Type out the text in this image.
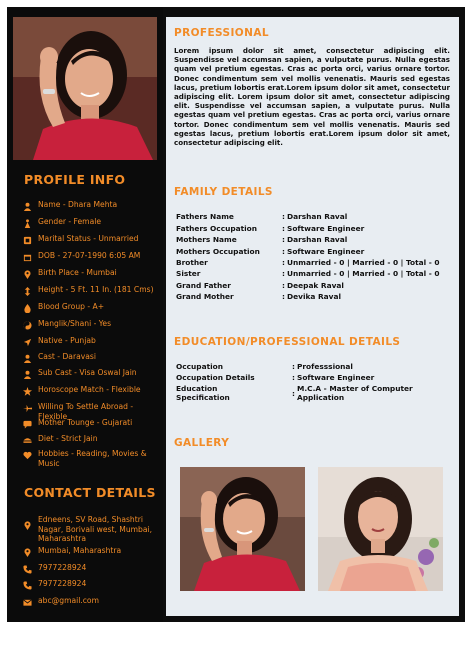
PROFILE INFO
Name - Dhara Mehta
Gender - Female
Marital Status - Unmarried
DOB - 27-07-1990 6:05 AM
Birth Place - Mumbai
Height - 5 Ft. 11 In. (181 Cms)
Blood Group - A+
Manglik/Shani - Yes
Native - Punjab
Cast - Daravasi
Sub Cast - Visa Oswal Jain
Horoscope Match - Flexible
Willing To Settle Abroad - Flexible
Mother Tounge - Gujarati
Diet - Strict Jain
Hobbies - Reading, Movies & Music
CONTACT DETAILS
Edneens, SV Road, Shashtri Nagar, Borivali west, Mumbai, Maharashtra
Mumbai, Maharashtra
7977228924
7977228924
abc@gmail.com
PROFESSIONAL
Lorem ipsum dolor sit amet, consectetur adipiscing elit. Suspendisse vel accumsan sapien, a vulputate purus. Nulla egestas quam vel pretium egestas. Cras ac porta orci, varius ornare tortor. Donec condimentum sem vel mollis venenatis. Mauris sed egestas lacus, pretium lobortis erat.Lorem ipsum dolor sit amet, consectetur adipiscing elit. Lorem ipsum dolor sit amet, consectetur adipiscing elit. Suspendisse vel accumsan sapien, a vulputate purus. Nulla egestas quam vel pretium egestas. Cras ac porta orci, varius ornare tortor. Donec condimentum sem vel mollis venenatis. Mauris sed egestas lacus, pretium lobortis erat.Lorem ipsum dolor sit amet, consectetur adipiscing elit.
FAMILY DETAILS
Fathers Name	: Darshan Raval
Fathers Occupation	: Software Engineer
Mothers Name	: Darshan Raval
Mothers Occupation	: Software Engineer
Brother	: Unmarried - 0 | Married - 0 | Total - 0
Sister	: Unmarried - 0 | Married - 0 | Total - 0
Grand Father	: Deepak Raval
Grand Mother	: Devika Raval
EDUCATION/PROFESSIONAL DETAILS
Occupation	: Professsional
Occupation Details	: Software Engineer
Education Specification	:
M.C.A - Master of Computer Application
GALLERY
